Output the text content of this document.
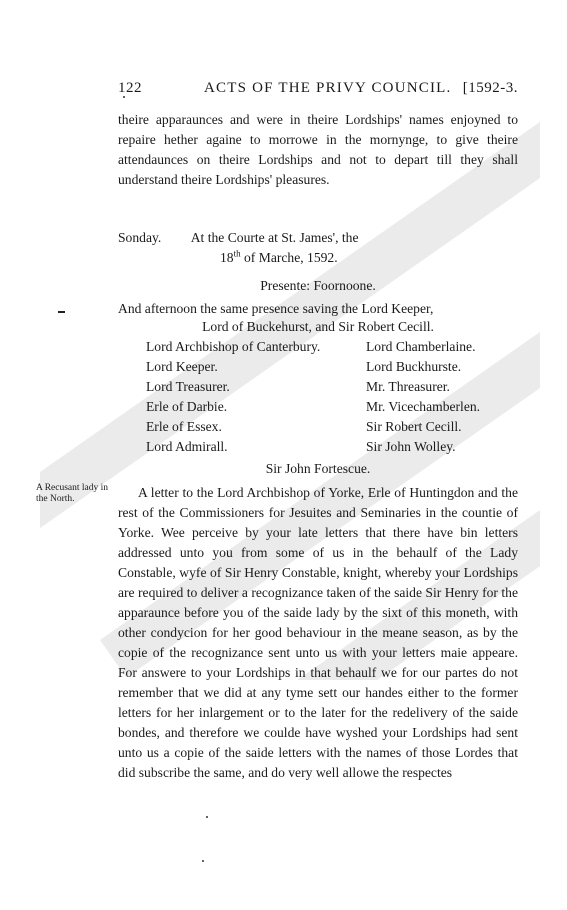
122	ACTS OF THE PRIVY COUNCIL. [1592-3.
theire apparaunces and were in theire Lordships' names enjoyned to repaire hether againe to morrowe in the mornynge, to give theire attendaunces on theire Lordships and not to depart till they shall understand theire Lordships' pleasures.
Sonday. At the Courte at St. James', the
18th of Marche, 1592.
Presente: Foornoone.
And afternoon the same presence saving the Lord Keeper,
Lord of Buckehurst, and Sir Robert Cecill.
Lord Archbishop of Canterbury.	Lord Chamberlaine.
Lord Keeper.	Lord Buckhurste.
Lord Treasurer.	Mr. Threasurer.
Erle of Darbie.	Mr. Vicechamberlen.
Erle of Essex.	Sir Robert Cecill.
Lord Admirall.	Sir John Wolley.
Sir John Fortescue.
A Recusant lady in the North.	A letter to the Lord Archbishop of Yorke, Erle of Huntingdon and the rest of the Commissioners for Jesuites and Seminaries in the countie of Yorke. Wee perceive by your late letters that there have bin letters addressed unto you from some of us in the behaulf of the Lady Constable, wyfe of Sir Henry Constable, knight, whereby your Lordships are required to deliver a recognizance taken of the saide Sir Henry for the apparaunce before you of the saide lady by the sixt of this moneth, with other condycion for her good behaviour in the meane season, as by the copie of the recognizance sent unto us with your letters maie appeare. For answere to your Lordships in that behaulf we for our partes do not remember that we did at any tyme sett our handes either to the former letters for her inlargement or to the later for the redelivery of the saide bondes, and therefore we coulde have wyshed your Lordships had sent unto us a copie of the saide letters with the names of those Lordes that did subscribe the same, and do very well allowe the respectes
